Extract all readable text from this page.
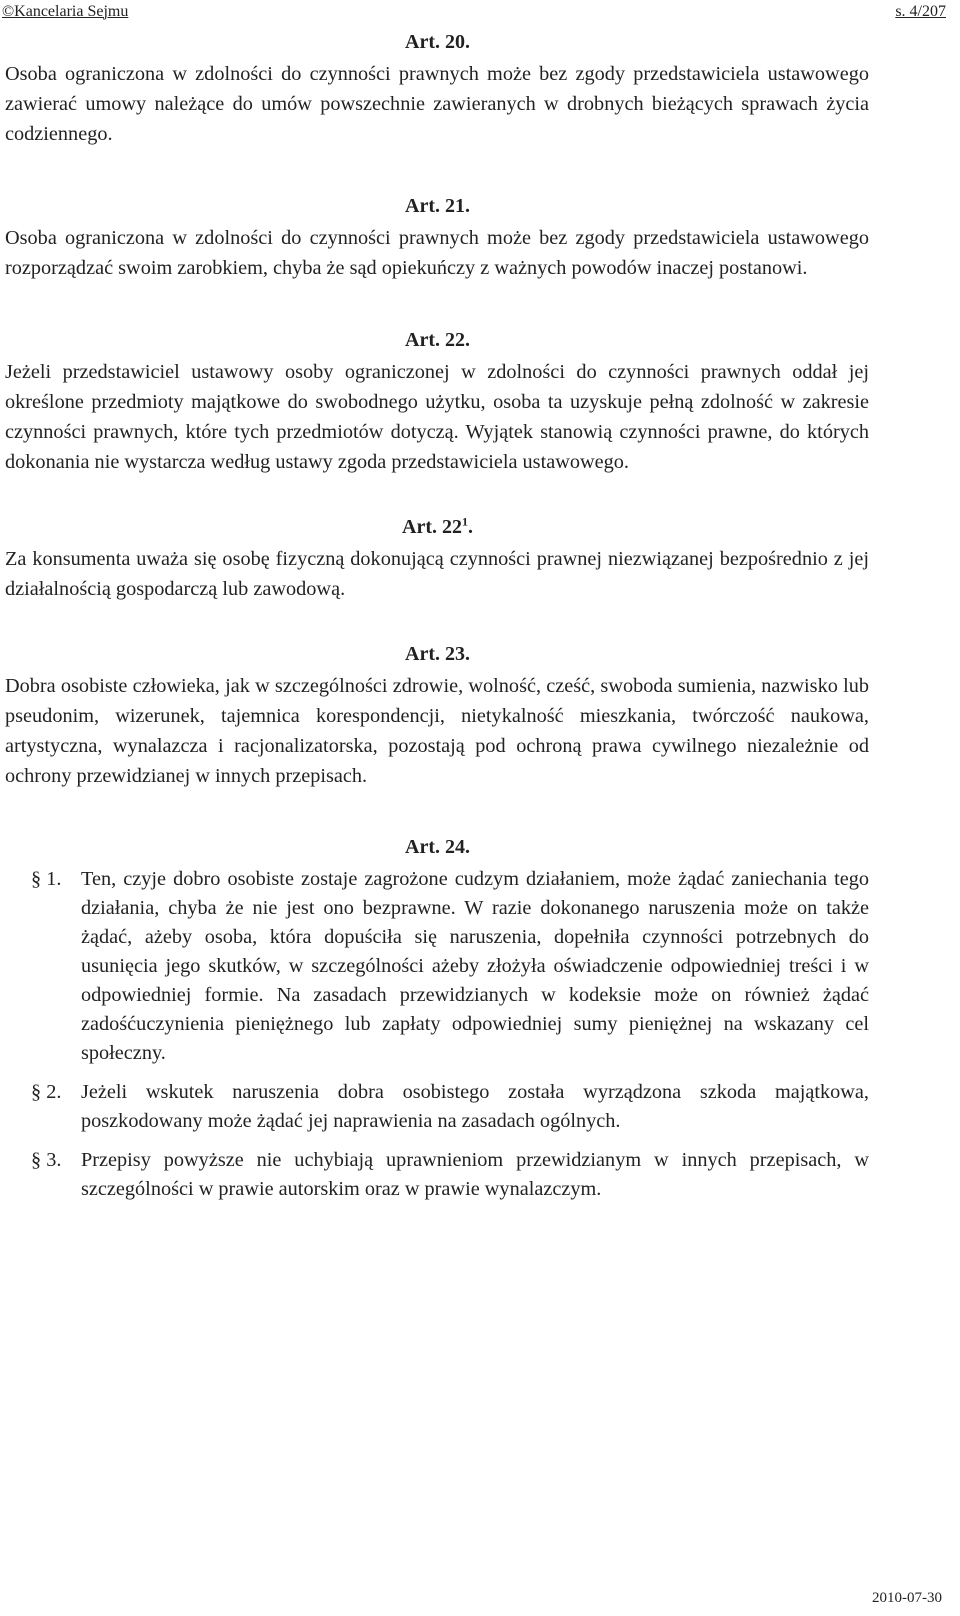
©Kancelaria Sejmu	s. 4/207
Art. 20.

Osoba ograniczona w zdolności do czynności prawnych może bez zgody przedstawiciela ustawowego zawierać umowy należące do umów powszechnie zawieranych w drobnych bieżących sprawach życia codziennego.

Art. 21.

Osoba ograniczona w zdolności do czynności prawnych może bez zgody przedstawiciela ustawowego rozporządzać swoim zarobkiem, chyba że sąd opiekuńczy z ważnych powodów inaczej postanowi.

Art. 22.

Jeżeli przedstawiciel ustawowy osoby ograniczonej w zdolności do czynności prawnych oddał jej określone przedmioty majątkowe do swobodnego użytku, osoba ta uzyskuje pełną zdolność w zakresie czynności prawnych, które tych przedmiotów dotyczą. Wyjątek stanowią czynności prawne, do których dokonania nie wystarcza według ustawy zgoda przedstawiciela ustawowego.

Art. $22^1$.

Za konsumenta uważa się osobę fizyczną dokonującą czynności prawnej niezwiązanej bezpośrednio z jej działalnością gospodarczą lub zawodową.

Art. 23.

Dobra osobiste człowieka, jak w szczególności zdrowie, wolność, cześć, swoboda sumienia, nazwisko lub pseudonim, wizerunek, tajemnica korespondencji, nietykalność mieszkania, twórczość naukowa, artystyczna, wynalazcza i racjonalizatorska, pozostają pod ochroną prawa cywilnego niezależnie od ochrony przewidzianej w innych przepisach.

Art. 24.
§ 1. Ten, czyje dobro osobiste zostaje zagrożone cudzym działaniem, może żądać zaniechania tego działania, chyba że nie jest ono bezprawne. W razie dokonanego naruszenia może on także żądać, ażeby osoba, która dopuściła się naruszenia, dopełniła czynności potrzebnych do usunięcia jego skutków, w szczególności ażeby złożyła oświadczenie odpowiedniej treści i w odpowiedniej formie. Na zasadach przewidzianych w kodeksie może on również żądać zadośćuczynienia pieniężnego lub zapłaty odpowiedniej sumy pieniężnej na wskazany cel społeczny.
§ 2. Jeżeli wskutek naruszenia dobra osobistego została wyrządzona szkoda majątkowa, poszkodowany może żądać jej naprawienia na zasadach ogólnych.
§ 3. Przepisy powyższe nie uchybiają uprawnieniom przewidzianym w innych przepisach, w szczególności w prawie autorskim oraz w prawie wynalazczym.
2010-07-30
